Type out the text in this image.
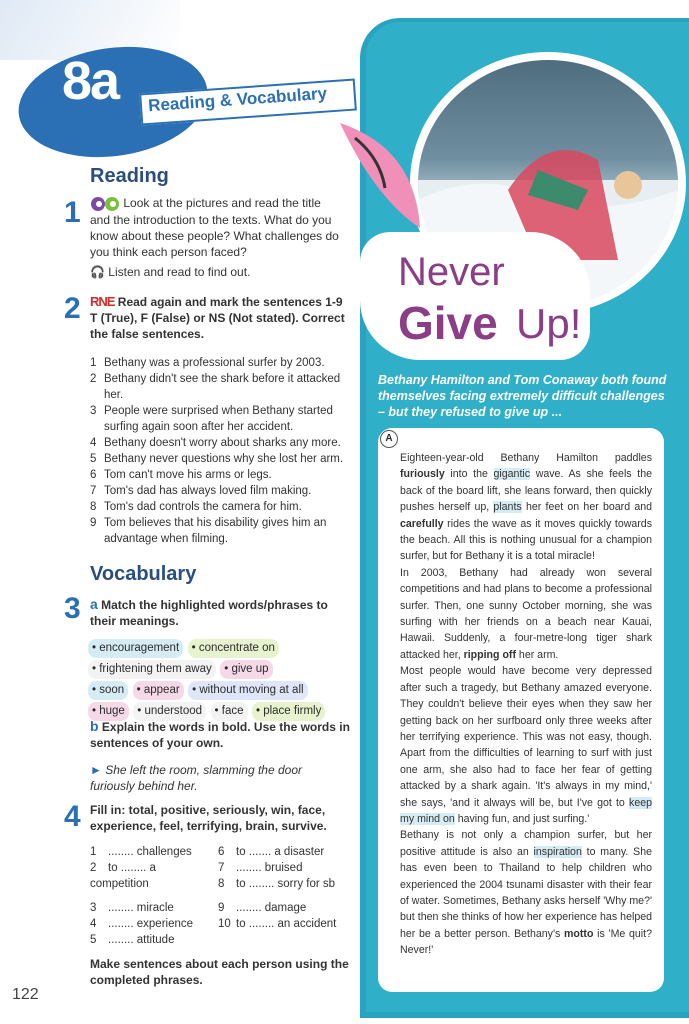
8a Reading & Vocabulary
Reading
1	Look at the pictures and read the title and the introduction to the texts. What do you know about these people? What challenges do you think each person faced?
🎧 Listen and read to find out.
2 RNE Read again and mark the sentences 1-9 T (True), F (False) or NS (Not stated). Correct the false sentences.
1 Bethany was a professional surfer by 2003.
2 Bethany didn't see the shark before it attacked her.
3 People were surprised when Bethany started surfing again soon after her accident.
4 Bethany doesn't worry about sharks any more.
5 Bethany never questions why she lost her arm.
6 Tom can't move his arms or legs.
7 Tom's dad has always loved film making.
8 Tom's dad controls the camera for him.
9 Tom believes that his disability gives him an advantage when filming.
Vocabulary
3 a Match the highlighted words/phrases to their meanings.
• encouragement • concentrate on
• frightening them away • give up
• soon • appear • without moving at all
• huge • understood • face • place firmly
b Explain the words in bold. Use the words in sentences of your own.
► She left the room, slamming the door furiously behind her.
4 Fill in: total, positive, seriously, win, face, experience, feel, terrifying, brain, survive.
1 ........ challenges
2 to ........ a competition
3 ........ miracle
4 ........ experience
5 ........ attitude
6 to ....... a disaster
7 ........ bruised
8 to ........ sorry for sb
9 ........ damage
10 to ........ an accident
Make sentences about each person using the completed phrases.
122
Never
Give Up!
Bethany Hamilton and Tom Conaway both found themselves facing extremely difficult challenges – but they refused to give up ...
A

Eighteen-year-old Bethany Hamilton paddles furiously into the gigantic wave. As she feels the back of the board lift, she leans forward, then quickly pushes herself up, plants her feet on her board and carefully rides the wave as it moves quickly towards the beach. All this is nothing unusual for a champion surfer, but for Bethany it is a total miracle!

In 2003, Bethany had already won several competitions and had plans to become a professional surfer. Then, one sunny October morning, she was surfing with her friends on a beach near Kauai, Hawaii. Suddenly, a four-metre-long tiger shark attacked her, ripping off her arm.

Most people would have become very depressed after such a tragedy, but Bethany amazed everyone. They couldn't believe their eyes when they saw her getting back on her surfboard only three weeks after her terrifying experience. This was not easy, though. Apart from the difficulties of learning to surf with just one arm, she also had to face her fear of getting attacked by a shark again. 'It's always in my mind,' she says, 'and it always will be, but I've got to keep my mind on having fun, and just surfing.'

Bethany is not only a champion surfer, but her positive attitude is also an inspiration to many. She has even been to Thailand to help children who experienced the 2004 tsunami disaster with their fear of water. Sometimes, Bethany asks herself 'Why me?' but then she thinks of how her experience has helped her be a better person. Bethany's motto is 'Me quit? Never!'
